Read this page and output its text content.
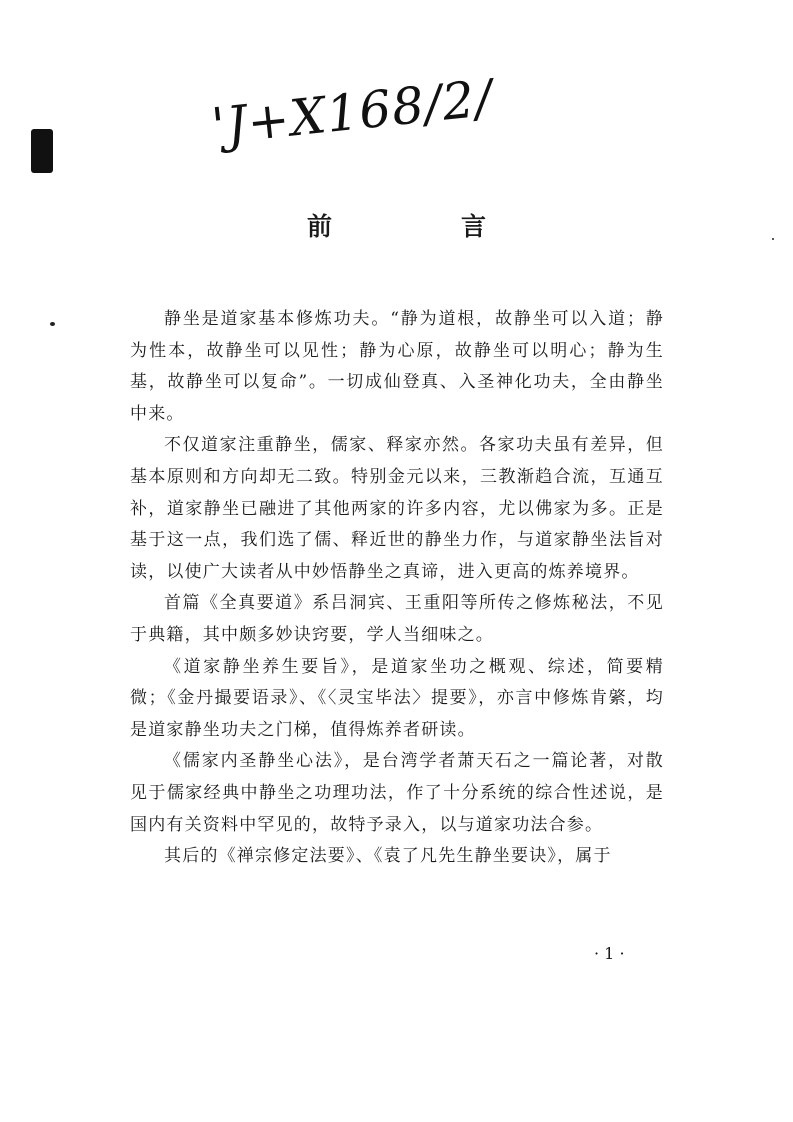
'J+X168/2/
前　言

静坐是道家基本修炼功夫。“静为道根，故静坐可以入道；静为性本，故静坐可以见性；静为心原，故静坐可以明心；静为生基，故静坐可以复命”。一切成仙登真、入圣神化功夫，全由静坐中来。

不仅道家注重静坐，儒家、释家亦然。各家功夫虽有差异，但基本原则和方向却无二致。特别金元以来，三教渐趋合流，互通互补，道家静坐已融进了其他两家的许多内容，尤以佛家为多。正是基于这一点，我们选了儒、释近世的静坐力作，与道家静坐法旨对读，以使广大读者从中妙悟静坐之真谛，进入更高的炼养境界。

首篇《全真要道》系吕洞宾、王重阳等所传之修炼秘法，不见于典籍，其中颇多妙诀窍要，学人当细味之。

《道家静坐养生要旨》，是道家坐功之概观、综述，简要精微；《金丹撮要语录》、《〈灵宝毕法〉提要》，亦言中修炼肯綮，均是道家静坐功夫之门梯，值得炼养者研读。

《儒家内圣静坐心法》，是台湾学者萧天石之一篇论著，对散见于儒家经典中静坐之功理功法，作了十分系统的综合性述说，是国内有关资料中罕见的，故特予录入，以与道家功法合参。

其后的《禅宗修定法要》、《袁了凡先生静坐要诀》，属于

· 1 ·
